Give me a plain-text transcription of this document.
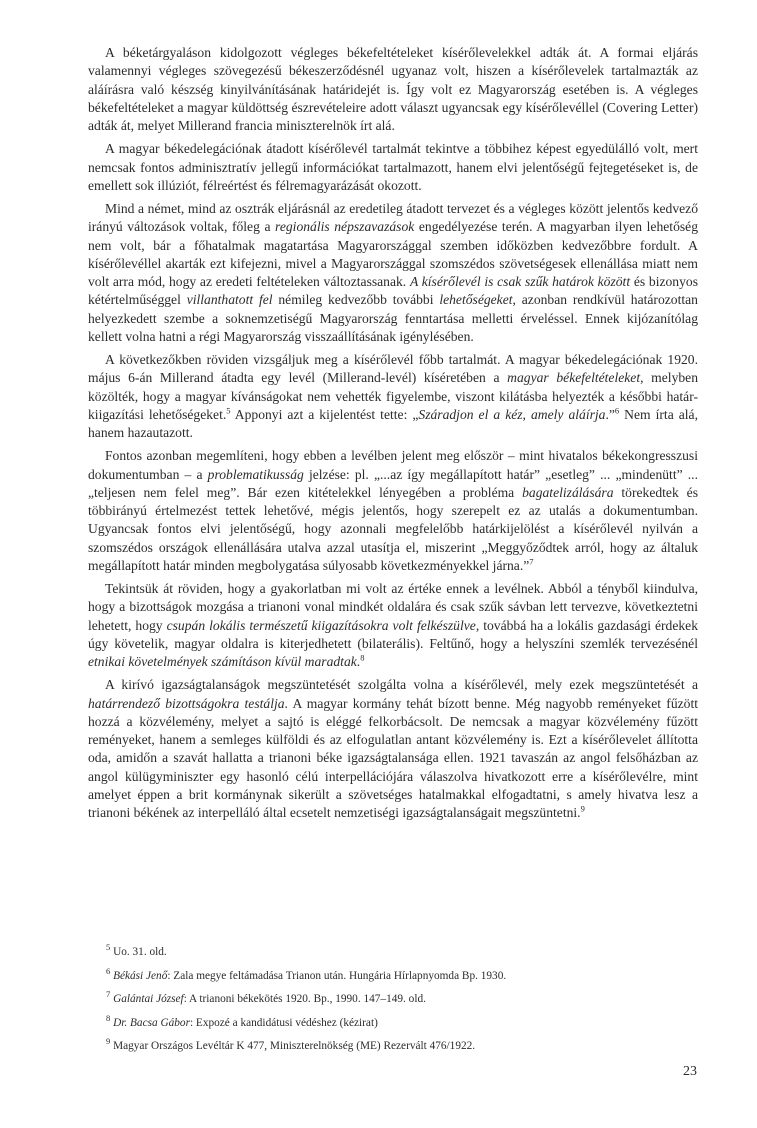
A béketárgyaláson kidolgozott végleges békefeltételeket kísérőlevelekkel adták át. A formai eljárás valamennyi végleges szövegezésű békeszerződésnél ugyanaz volt, hiszen a kísérőlevelek tartalmazták az aláírásra való készség kinyilvánításának határidejét is. Így volt ez Magyarország esetében is. A végleges békefeltételeket a magyar küldöttség észrevételeire adott választ ugyancsak egy kísérőlevéllel (Covering Letter) adták át, melyet Millerand francia miniszterelnök írt alá.

A magyar békedelegációnak átadott kísérőlevél tartalmát tekintve a többihez képest egyedülálló volt, mert nemcsak fontos adminisztratív jellegű információkat tartalmazott, hanem elvi jelentőségű fejtegetéseket is, de emellett sok illúziót, félreértést és félremagyarázását okozott.

Mind a német, mind az osztrák eljárásnál az eredetileg átadott tervezet és a végleges között jelentős kedvező irányú változások voltak, főleg a regionális népszavazások engedélyezése terén. A magyarban ilyen lehetőség nem volt, bár a főhatalmak magatartása Magyarországgal szemben időközben kedvezőbbre fordult. A kísérőlevéllel akarták ezt kifejezni, mivel a Magyarországgal szomszédos szövetségesek ellenállása miatt nem volt arra mód, hogy az eredeti feltételeken változtassanak. A kísérőlevél is csak szűk határok között és bizonyos kétértelműséggel villanthatott fel némileg kedvezőbb további lehetőségeket, azonban rendkívül határozottan helyezkedett szembe a soknemzetiségű Magyarország fenntartása melletti érveléssel. Ennek kijózanítólag kellett volna hatni a régi Magyarország visszaállításának igénylésében.

A következőkben röviden vizsgáljuk meg a kísérőlevél főbb tartalmát. A magyar békedelegációnak 1920. május 6-án Millerand átadta egy levél (Millerand-levél) kíséretében a magyar békefeltételeket, melyben közölték, hogy a magyar kívánságokat nem vehették figyelembe, viszont kilátásba helyezték a későbbi határ-kiigazítási lehetőségeket.$^5$ Apponyi azt a kijelentést tette: „Száradjon el a kéz, amely aláírja.”$^6$ Nem írta alá, hanem hazautazott.

Fontos azonban megemlíteni, hogy ebben a levélben jelent meg először – mint hivatalos békekongresszusi dokumentumban – a problematikusság jelzése: pl. „...az így megállapított határ” „esetleg” ... „mindenütt” ... „teljesen nem felel meg”. Bár ezen kitételekkel lényegében a probléma bagatelizálására törekedtek és többirányú értelmezést tettek lehetővé, mégis jelentős, hogy szerepelt ez az utalás a dokumentumban. Ugyancsak fontos elvi jelentőségű, hogy azonnali megfelelőbb határkijelölést a kísérőlevél nyilván a szomszédos országok ellenállására utalva azzal utasítja el, miszerint „Meggyőződtek arról, hogy az általuk megállapított határ minden megbolygatása súlyosabb következményekkel járna.”$^7$

Tekintsük át röviden, hogy a gyakorlatban mi volt az értéke ennek a levélnek. Abból a tényből kiindulva, hogy a bizottságok mozgása a trianoni vonal mindkét oldalára és csak szűk sávban lett tervezve, következtetni lehetett, hogy csupán lokális természetű kiigazításokra volt felkészülve, továbbá ha a lokális gazdasági érdekek úgy követelik, magyar oldalra is kiterjedhetett (bilaterális). Feltűnő, hogy a helyszíni szemlék tervezésénél etnikai követelmények számításon kívül maradtak.$^8$

A kirívó igazságtalanságok megszüntetését szolgálta volna a kísérőlevél, mely ezek megszüntetését a határrendező bizottságokra testálja. A magyar kormány tehát bízott benne. Még nagyobb reményeket fűzött hozzá a közvélemény, melyet a sajtó is eléggé felkorbácsolt. De nemcsak a magyar közvélemény fűzött reményeket, hanem a semleges külföldi és az elfogulatlan antant közvélemény is. Ezt a kísérőlevelet állította oda, amidőn a szavát hallatta a trianoni béke igazságtalansága ellen. 1921 tavaszán az angol felsőházban az angol külügyminiszter egy hasonló célú interpellációjára válaszolva hivatkozott erre a kísérőlevélre, mint amelyet éppen a brit kormánynak sikerült a szövetséges hatalmakkal elfogadtatni, s amely hivatva lesz a trianoni békének az interpelláló által ecsetelt nemzetiségi igazságtalanságait megszüntetni.$^9$

$^5$ Uo. 31. old.
$^6$ Békási Jenő: Zala megye feltámadása Trianon után. Hungária Hírlapnyomda Bp. 1930.
$^7$ Galántai József: A trianoni békekötés 1920. Bp., 1990. 147–149. old.
$^8$ Dr. Bacsa Gábor: Expozé a kandidátusi védéshez (kézirat)
$^9$ Magyar Országos Levéltár K 477, Miniszterelnökség (ME) Rezervált 476/1922.
23
